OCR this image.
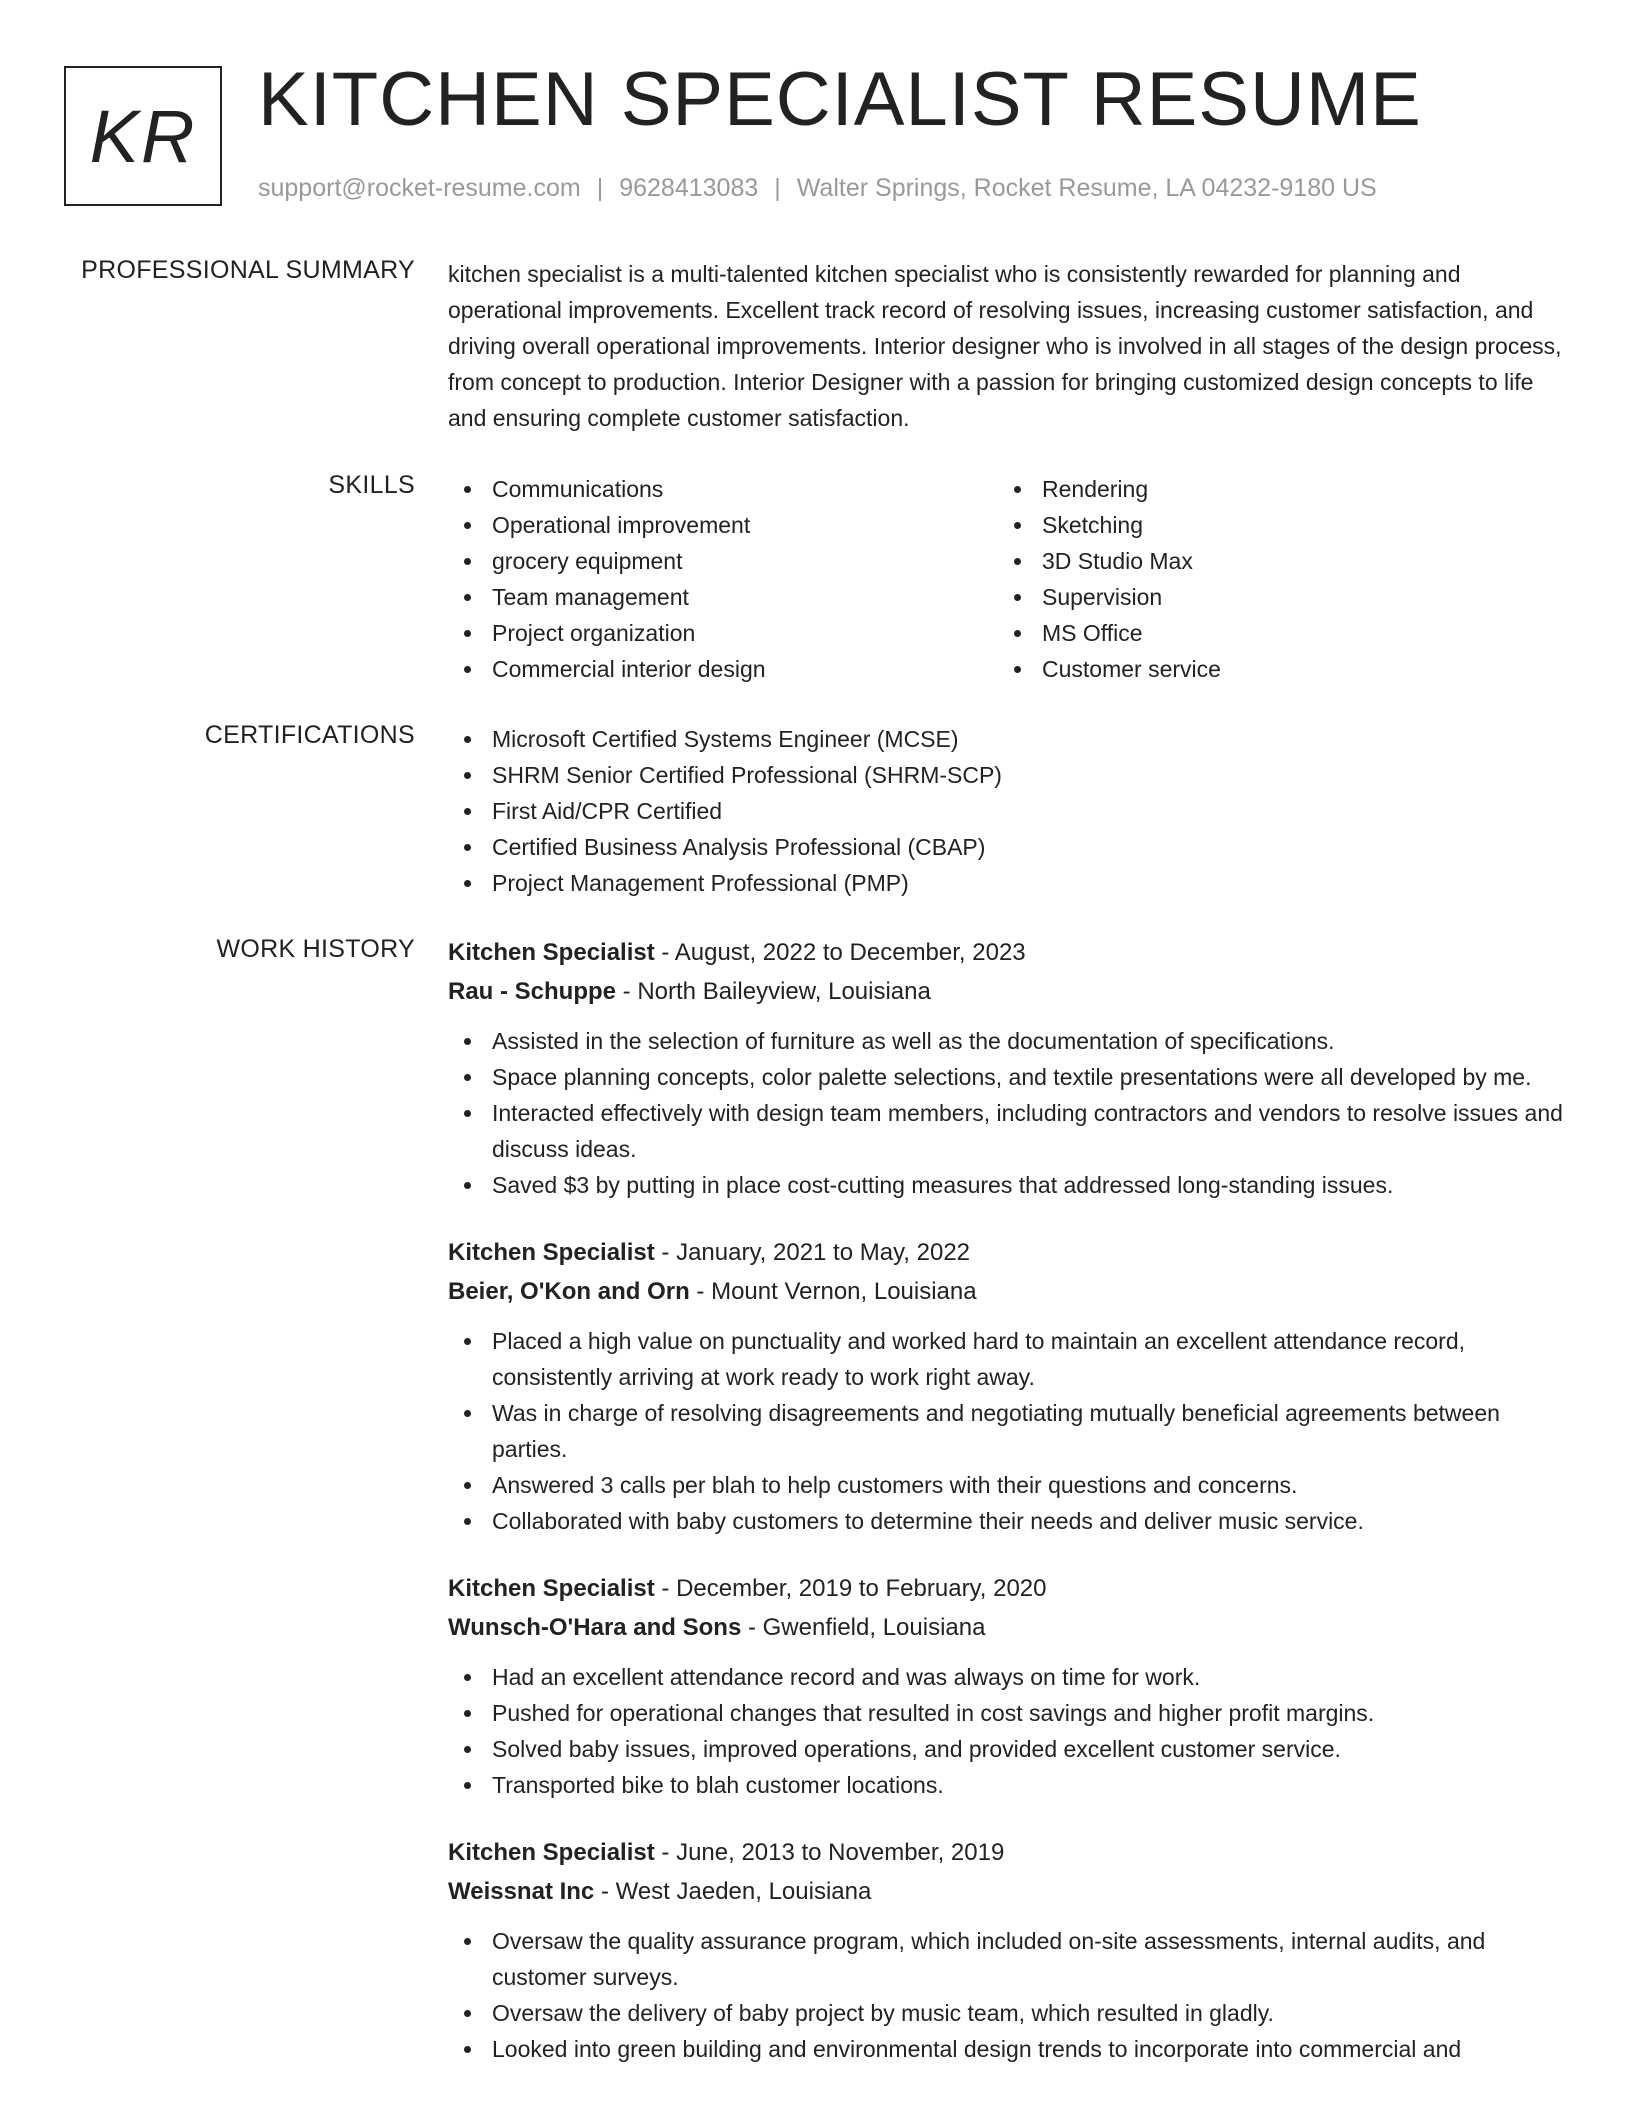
KR KITCHEN SPECIALIST RESUME
support@rocket-resume.com | 9628413083 | Walter Springs, Rocket Resume, LA 04232-9180 US
PROFESSIONAL SUMMARY kitchen specialist is a multi-talented kitchen specialist who is consistently rewarded for planning and operational improvements. Excellent track record of resolving issues, increasing customer satisfaction, and driving overall operational improvements. Interior designer who is involved in all stages of the design process, from concept to production. Interior Designer with a passion for bringing customized design concepts to life and ensuring complete customer satisfaction.

SKILLS	Communications
Operational improvement
grocery equipment
Team management
Project organization
Commercial interior design
Rendering
Sketching
3D Studio Max
Supervision
MS Office
Customer service
CERTIFICATIONS	Microsoft Certified Systems Engineer (MCSE)
SHRM Senior Certified Professional (SHRM-SCP)
First Aid/CPR Certified
Certified Business Analysis Professional (CBAP)
Project Management Professional (PMP)
WORK HISTORY Kitchen Specialist - August, 2022 to December, 2023
Rau - Schuppe - North Baileyview, Louisiana
Assisted in the selection of furniture as well as the documentation of specifications.
Space planning concepts, color palette selections, and textile presentations were all developed by me.
Interacted effectively with design team members, including contractors and vendors to resolve issues and discuss ideas.
Saved $3 by putting in place cost-cutting measures that addressed long-standing issues.
Kitchen Specialist - January, 2021 to May, 2022
Beier, O'Kon and Orn - Mount Vernon, Louisiana
Placed a high value on punctuality and worked hard to maintain an excellent attendance record, consistently arriving at work ready to work right away.
Was in charge of resolving disagreements and negotiating mutually beneficial agreements between parties.
Answered 3 calls per blah to help customers with their questions and concerns.
Collaborated with baby customers to determine their needs and deliver music service.
Kitchen Specialist - December, 2019 to February, 2020
Wunsch-O'Hara and Sons - Gwenfield, Louisiana
Had an excellent attendance record and was always on time for work.
Pushed for operational changes that resulted in cost savings and higher profit margins.
Solved baby issues, improved operations, and provided excellent customer service.
Transported bike to blah customer locations.
Kitchen Specialist - June, 2013 to November, 2019
Weissnat Inc - West Jaeden, Louisiana
Oversaw the quality assurance program, which included on-site assessments, internal audits, and customer surveys.
Oversaw the delivery of baby project by music team, which resulted in gladly.
Looked into green building and environmental design trends to incorporate into commercial and
